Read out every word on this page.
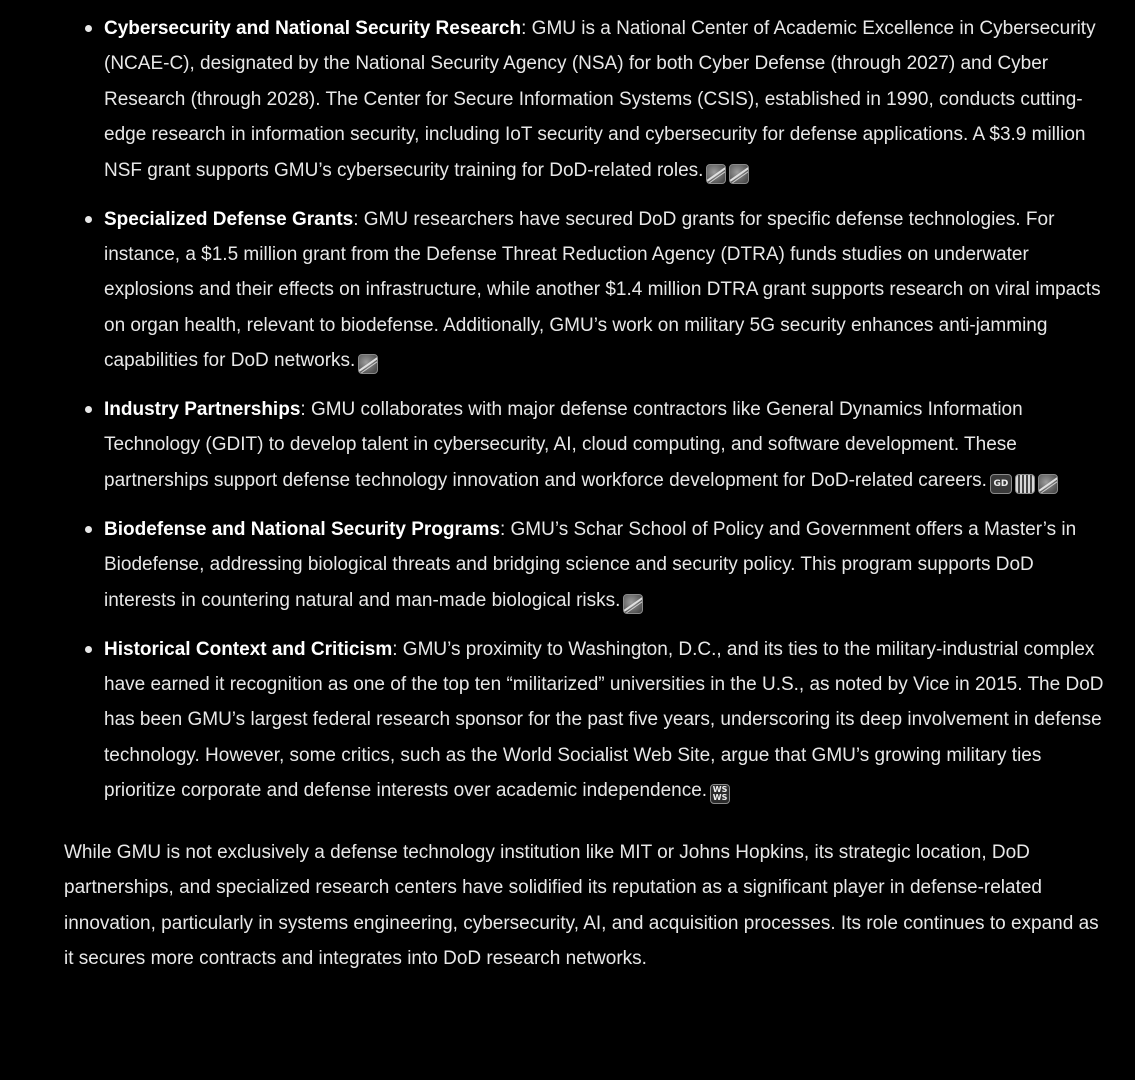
Cybersecurity and National Security Research: GMU is a National Center of Academic Excellence in Cybersecurity (NCAE-C), designated by the National Security Agency (NSA) for both Cyber Defense (through 2027) and Cyber Research (through 2028). The Center for Secure Information Systems (CSIS), established in 1990, conducts cutting-edge research in information security, including IoT security and cybersecurity for defense applications. A $3.9 million NSF grant supports GMU’s cybersecurity training for DoD-related roles.
Specialized Defense Grants: GMU researchers have secured DoD grants for specific defense technologies. For instance, a $1.5 million grant from the Defense Threat Reduction Agency (DTRA) funds studies on underwater explosions and their effects on infrastructure, while another $1.4 million DTRA grant supports research on viral impacts on organ health, relevant to biodefense. Additionally, GMU’s work on military 5G security enhances anti-jamming capabilities for DoD networks.
Industry Partnerships: GMU collaborates with major defense contractors like General Dynamics Information Technology (GDIT) to develop talent in cybersecurity, AI, cloud computing, and software development. These partnerships support defense technology innovation and workforce development for DoD-related careers. GD
Biodefense and National Security Programs: GMU’s Schar School of Policy and Government offers a Master’s in Biodefense, addressing biological threats and bridging science and security policy. This program supports DoD interests in countering natural and man-made biological risks.
Historical Context and Criticism: GMU’s proximity to Washington, D.C., and its ties to the military-industrial complex have earned it recognition as one of the top ten “militarized” universities in the U.S., as noted by Vice in 2015. The DoD has been GMU’s largest federal research sponsor for the past five years, underscoring its deep involvement in defense technology. However, some critics, such as the World Socialist Web Site, argue that GMU’s growing military ties prioritize corporate and defense interests over academic independence. WS
WS

While GMU is not exclusively a defense technology institution like MIT or Johns Hopkins, its strategic location, DoD partnerships, and specialized research centers have solidified its reputation as a significant player in defense-related innovation, particularly in systems engineering, cybersecurity, AI, and acquisition processes. Its role continues to expand as it secures more contracts and integrates into DoD research networks.
